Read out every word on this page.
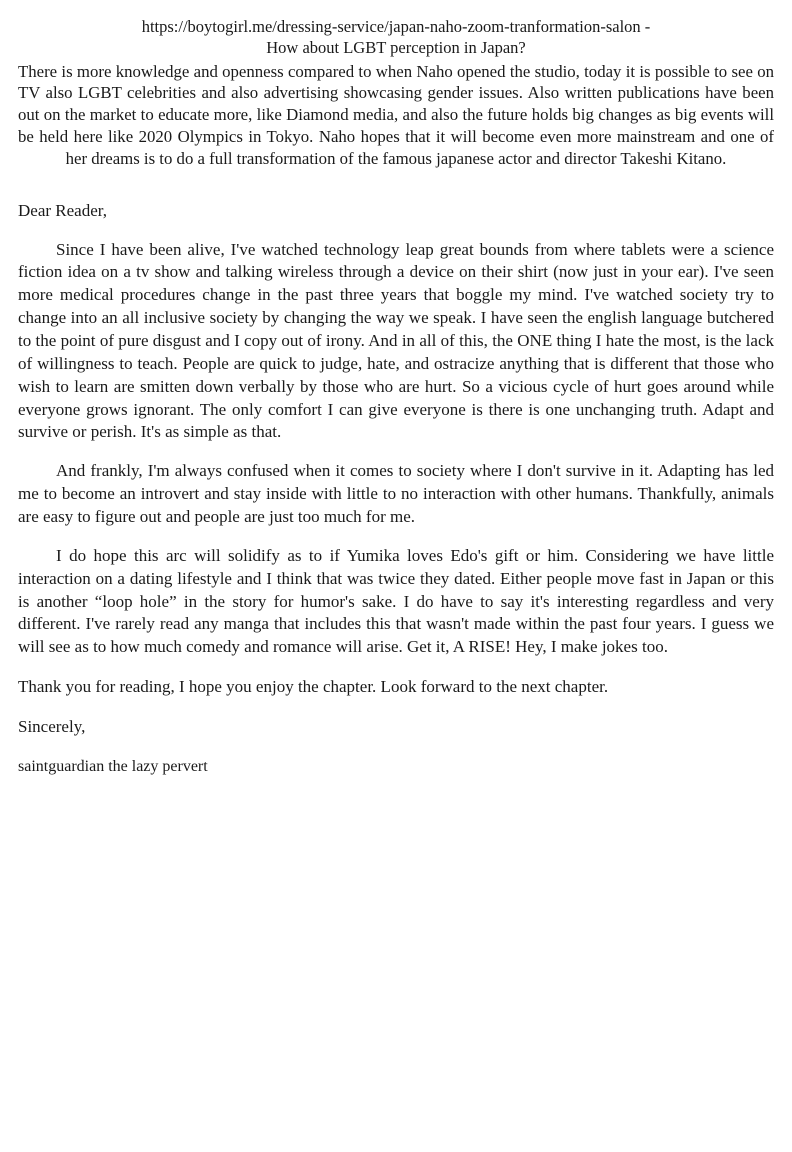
https://boytogirl.me/dressing-service/japan-naho-zoom-tranformation-salon -
How about LGBT perception in Japan?
There is more knowledge and openness compared to when Naho opened the studio, today it is possible to see on TV also LGBT celebrities and also advertising showcasing gender issues. Also written publications have been out on the market to educate more, like Diamond media, and also the future holds big changes as big events will be held here like 2020 Olympics in Tokyo. Naho hopes that it will become even more mainstream and one of her dreams is to do a full transformation of the famous japanese actor and director Takeshi Kitano.
Dear Reader,
Since I have been alive, I've watched technology leap great bounds from where tablets were a science fiction idea on a tv show and talking wireless through a device on their shirt (now just in your ear). I've seen more medical procedures change in the past three years that boggle my mind. I've watched society try to change into an all inclusive society by changing the way we speak. I have seen the english language butchered to the point of pure disgust and I copy out of irony. And in all of this, the ONE thing I hate the most, is the lack of willingness to teach. People are quick to judge, hate, and ostracize anything that is different that those who wish to learn are smitten down verbally by those who are hurt. So a vicious cycle of hurt goes around while everyone grows ignorant. The only comfort I can give everyone is there is one unchanging truth. Adapt and survive or perish. It's as simple as that.
And frankly, I'm always confused when it comes to society where I don't survive in it. Adapting has led me to become an introvert and stay inside with little to no interaction with other humans. Thankfully, animals are easy to figure out and people are just too much for me.
I do hope this arc will solidify as to if Yumika loves Edo's gift or him. Considering we have little interaction on a dating lifestyle and I think that was twice they dated. Either people move fast in Japan or this is another “loop hole” in the story for humor's sake. I do have to say it's interesting regardless and very different. I've rarely read any manga that includes this that wasn't made within the past four years. I guess we will see as to how much comedy and romance will arise. Get it, A RISE! Hey, I make jokes too.
Thank you for reading, I hope you enjoy the chapter. Look forward to the next chapter.
Sincerely,
saintguardian the lazy pervert
